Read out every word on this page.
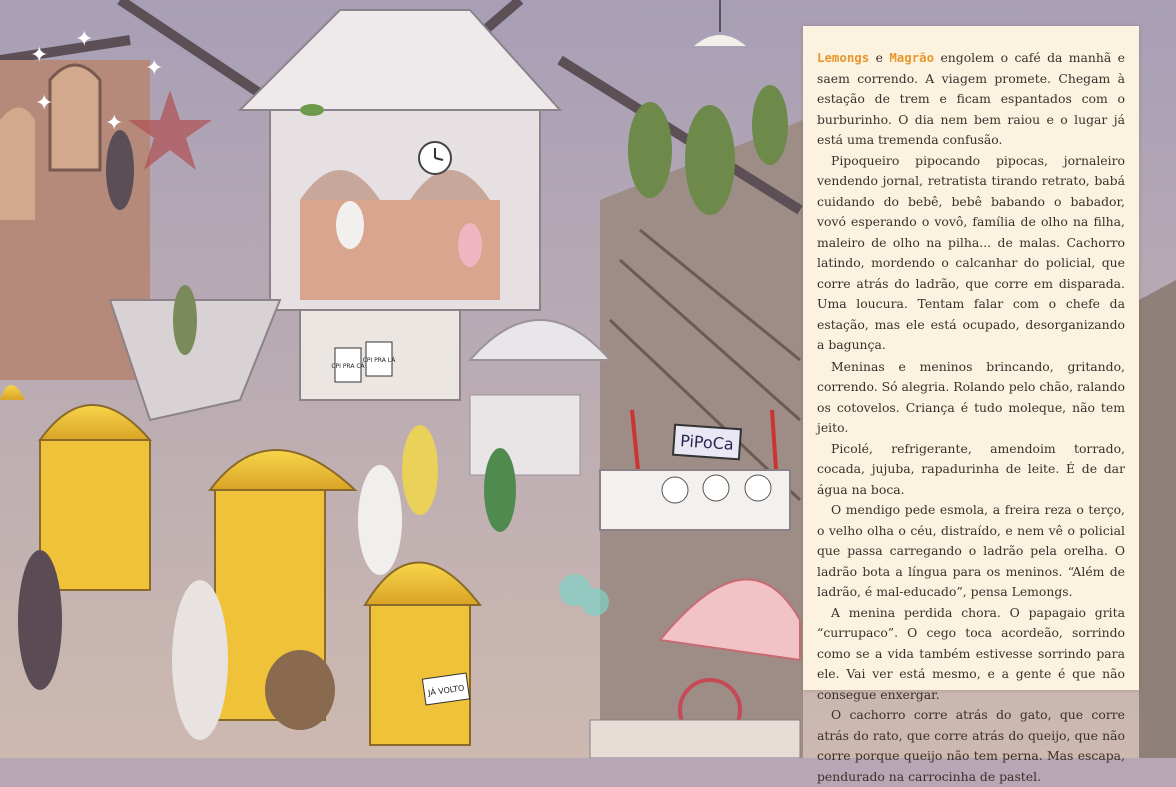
CPI PRA CÁ
CPI PRA LÁ
JÁ VOLTO
PiPoCa
✦
✦
✦
✦
✦

Lemongs e Magrão engolem o café da manhã e saem correndo. A viagem promete. Chegam à estação de trem e ficam espantados com o burburinho. O dia nem bem raiou e o lugar já está uma tremenda confusão.

Pipoqueiro pipocando pipocas, jornaleiro vendendo jornal, retratista tirando retrato, babá cuidando do bebê, bebê babando o babador, vovó esperando o vovô, família de olho na filha, maleiro de olho na pilha... de malas. Cachorro latindo, mordendo o calcanhar do policial, que corre atrás do ladrão, que corre em disparada. Uma loucura. Tentam falar com o chefe da estação, mas ele está ocupado, desorganizando a bagunça.

Meninas e meninos brincando, gritando, correndo. Só alegria. Rolando pelo chão, ralando os cotovelos. Criança é tudo moleque, não tem jeito.

Picolé, refrigerante, amendoim torrado, cocada, jujuba, rapadurinha de leite. É de dar água na boca.

O mendigo pede esmola, a freira reza o terço, o velho olha o céu, distraído, e nem vê o policial que passa carregando o ladrão pela orelha. O ladrão bota a língua para os meninos. “Além de ladrão, é mal-educado”, pensa Lemongs.

A menina perdida chora. O papagaio grita “currupaco”. O cego toca acordeão, sorrindo como se a vida também estivesse sorrindo para ele. Vai ver está mesmo, e a gente é que não consegue enxergar.

O cachorro corre atrás do gato, que corre atrás do rato, que corre atrás do queijo, que não corre porque queijo não tem perna. Mas escapa, pendurado na carrocinha de pastel.
